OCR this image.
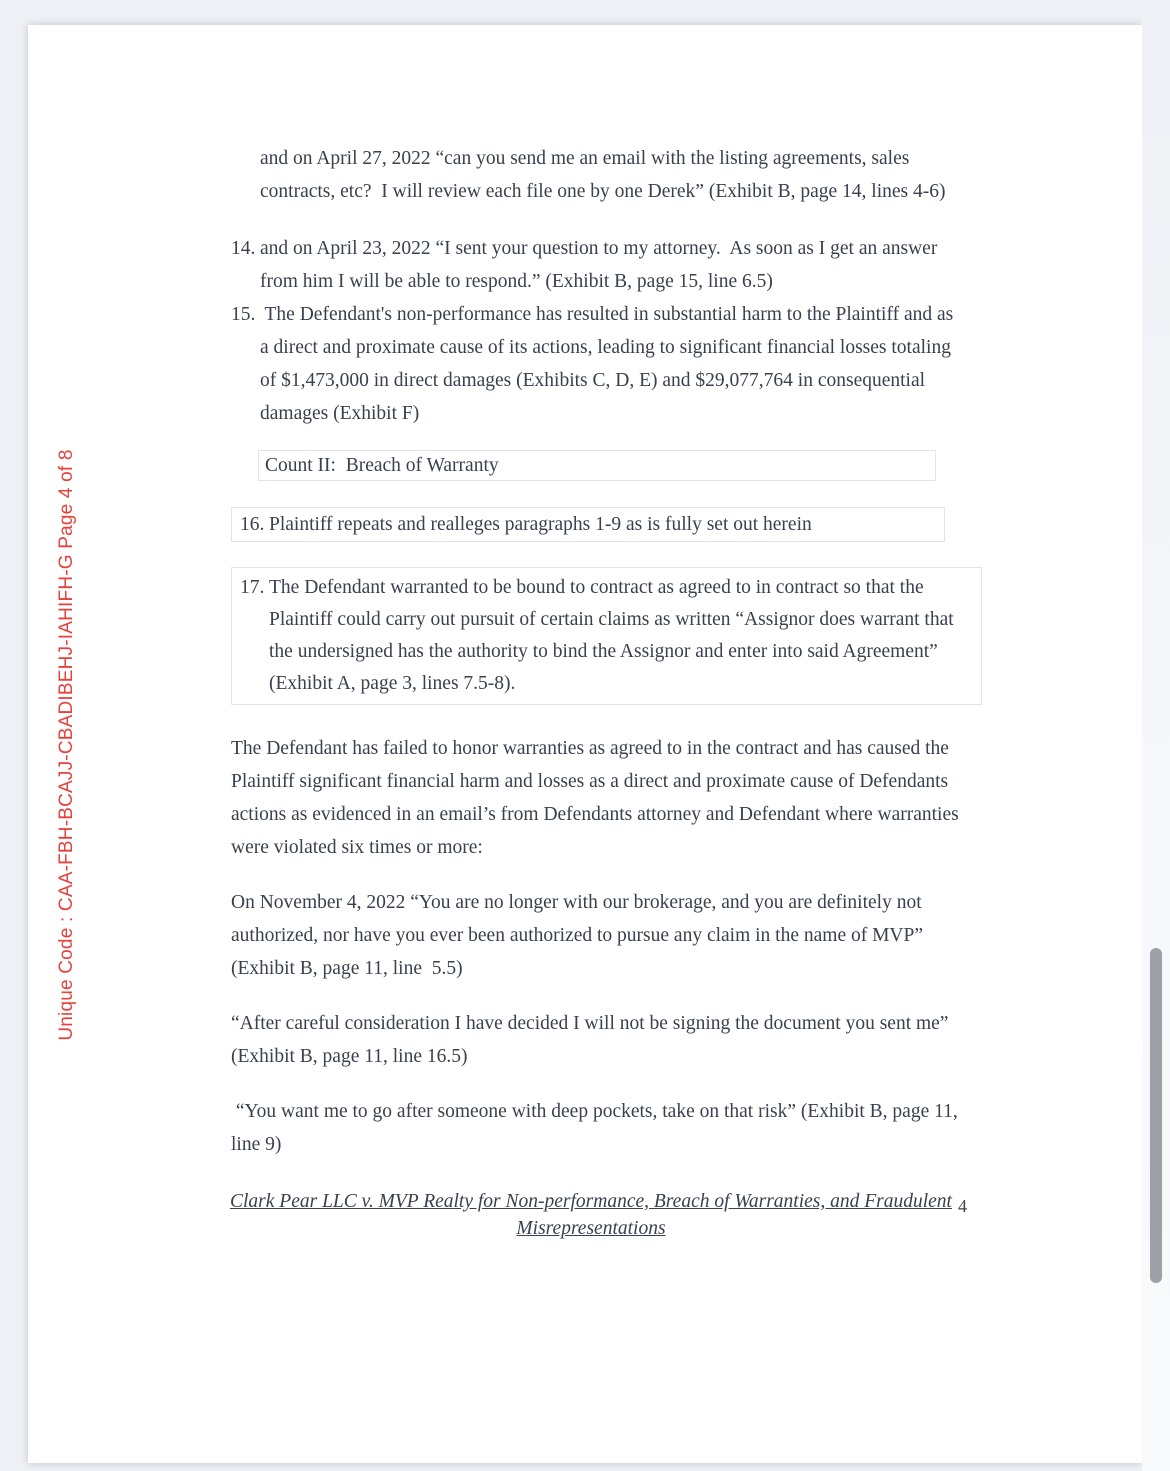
Unique Code : CAA-FBH-BCAJJ-CBADIBEHJ-IAHIFH-G Page 4 of 8
and on April 27, 2022 “can you send me an email with the listing agreements, sales contracts, etc?  I will review each file one by one Derek” (Exhibit B, page 14, lines 4-6)
14. and on April 23, 2022 “I sent your question to my attorney.  As soon as I get an answer from him I will be able to respond.” (Exhibit B, page 15, line 6.5)
15. The Defendant's non-performance has resulted in substantial harm to the Plaintiff and as a direct and proximate cause of its actions, leading to significant financial losses totaling of $1,473,000 in direct damages (Exhibits C, D, E) and $29,077,764 in consequential damages (Exhibit F)
Count II:  Breach of Warranty
16. Plaintiff repeats and realleges paragraphs 1-9 as is fully set out herein
17. The Defendant warranted to be bound to contract as agreed to in contract so that the Plaintiff could carry out pursuit of certain claims as written “Assignor does warrant that the undersigned has the authority to bind the Assignor and enter into said Agreement” (Exhibit A, page 3, lines 7.5-8).
The Defendant has failed to honor warranties as agreed to in the contract and has caused the Plaintiff significant financial harm and losses as a direct and proximate cause of Defendants actions as evidenced in an email’s from Defendants attorney and Defendant where warranties were violated six times or more:
On November 4, 2022 “You are no longer with our brokerage, and you are definitely not authorized, nor have you ever been authorized to pursue any claim in the name of MVP” (Exhibit B, page 11, line  5.5)
“After careful consideration I have decided I will not be signing the document you sent me” (Exhibit B, page 11, line 16.5)
“You want me to go after someone with deep pockets, take on that risk” (Exhibit B, page 11, line 9)
Clark Pear LLC v. MVP Realty for Non-performance, Breach of Warranties, and Fraudulent
Misrepresentations
4
